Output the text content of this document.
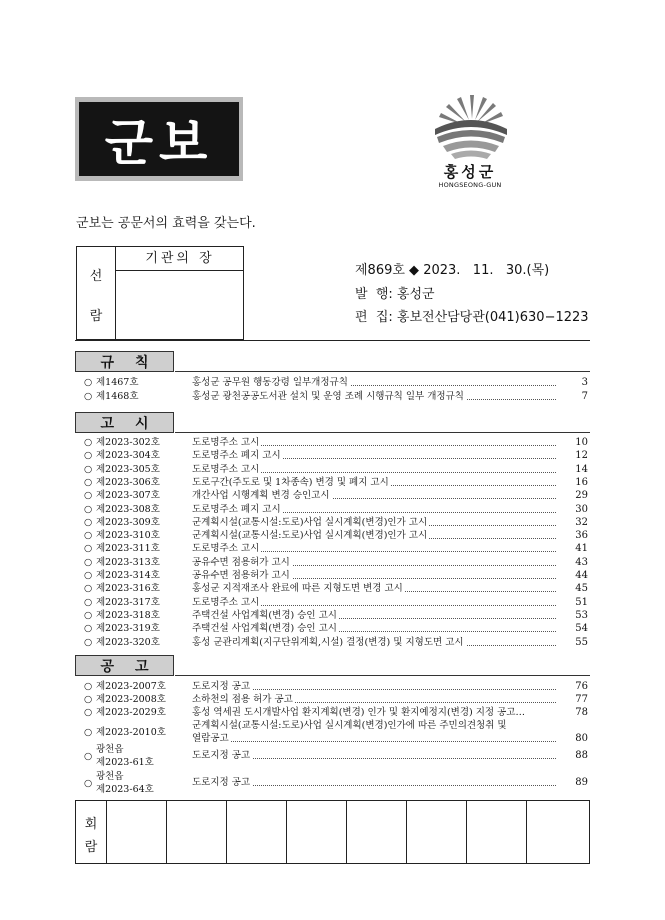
군보	홍성군
HONGSEONG-GUN
군보는 공문서의 효력을 갖는다.
선
람
기관의 장
제869호 ◆ 2023.   11.   30.(목)
발  행: 홍성군
편  집: 홍보전산담당관(041)630−1223
규 칙
○ 제1467호	홍성군 공무원 행동강령 일부개정규칙	3
○ 제1468호	홍성군 광천공공도서관 설치 및 운영 조례 시행규칙 일부 개정규칙	7
고 시
○ 제2023-302호	도로명주소 고시	10
○ 제2023-304호	도로명주소 폐지 고시	12
○ 제2023-305호	도로명주소 고시	14
○ 제2023-306호	도로구간(주도로 및 1차종속) 변경 및 폐지 고시	16
○ 제2023-307호	개간사업 시행계획 변경 승인고시	29
○ 제2023-308호	도로명주소 폐지 고시	30
○ 제2023-309호	군계획시설(교통시설:도로)사업 실시계획(변경)인가 고시	32
○ 제2023-310호	군계획시설(교통시설:도로)사업 실시계획(변경)인가 고시	36
○ 제2023-311호	도로명주소 고시	41
○ 제2023-313호	공유수면 점용허가 고시	43
○ 제2023-314호	공유수면 점용허가 고시	44
○ 제2023-316호	홍성군 지적재조사 완료에 따른 지형도면 변경 고시	45
○ 제2023-317호	도로명주소 고시	51
○ 제2023-318호	주택건설 사업계획(변경) 승인 고시	53
○ 제2023-319호	주택건설 사업계획(변경) 승인 고시	54
○ 제2023-320호	홍성 군관리계획(지구단위계획,시설) 결정(변경) 및 지형도면 고시	55
공 고
○ 제2023-2007호	도로지정 공고	76
○ 제2023-2008호	소하천의 점용 허가 공고	77
○ 제2023-2029호	홍성 역세권 도시개발사업 환지계획(변경) 인가 및 환지예정지(변경) 지정 공고…	78
○ 제2023-2010호
군계획시설(교통시설:도로)사업 실시계획(변경)인가에 따른 주민의견청취 및
열람공고	80
○
광천읍
제2023-61호
도로지정 공고	88
○
광천읍
제2023-64호
도로지정 공고	89
회
람
